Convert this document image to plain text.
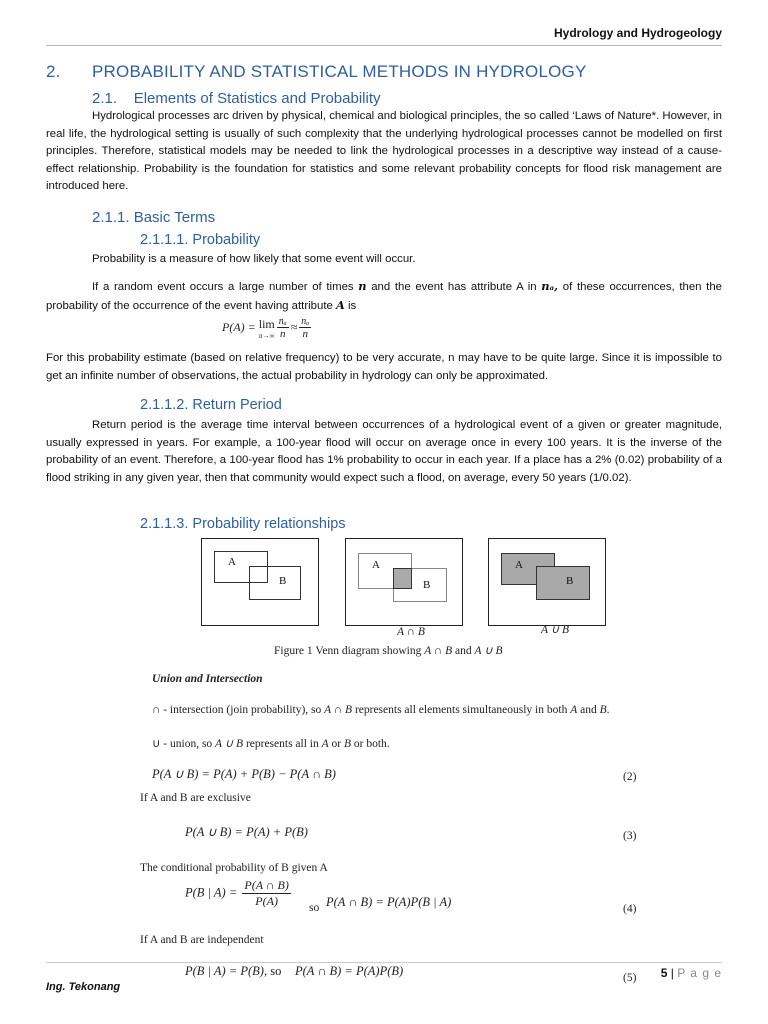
Hydrology and Hydrogeology
2. PROBABILITY AND STATISTICAL METHODS IN HYDROLOGY
2.1. Elements of Statistics and Probability
Hydrological processes arc driven by physical, chemical and biological principles, the so called ‘Laws of Nature*. However, in real life, the hydrological setting is usually of such complexity that the underlying hydrological processes cannot be modelled on first principles. Therefore, statistical models may be needed to link the hydrological processes in a descriptive way instead of a cause-effect relationship. Probability is the foundation for statistics and some relevant probability concepts for flood risk management are introduced here.
2.1.1. Basic Terms
2.1.1.1. Probability
Probability is a measure of how likely that some event will occur.
If a random event occurs a large number of times n and the event has attribute A in nₐ, of these occurrences, then the probability of the occurrence of the event having attribute A is
P(A) = lim
$n\to\infty \frac{\text{nₐ}}{n} \approx \frac{\text{nₐ}}{n}$
For this probability estimate (based on relative frequency) to be very accurate, n may have to be quite large. Since it is impossible to get an infinite number of observations, the actual probability in hydrology can only be approximated.
2.1.1.2. Return Period
Return period is the average time interval between occurrences of a hydrological event of a given or greater magnitude, usually expressed in years. For example, a 100-year flood will occur on average once in every 100 years. It is the inverse of the probability of an event. Therefore, a 100-year flood has 1% probability to occur in each year. If a place has a 2% (0.02) probability of a flood striking in any given year, then that community would expect such a flood, on average, every 50 years (1/0.02).
2.1.1.3. Probability relationships
A
B
A
B
A
B
A ∩ B	A ∪ B
Figure 1 Venn diagram showing A ∩ B and A ∪ B
Union and Intersection
∩ - intersection (join probability), so A ∩ B represents all elements simultaneously in both A and B.
∪ - union, so A ∪ B represents all in A or B or both.
P(A ∪ B) = P(A) + P(B) − P(A ∩ B)	(2)
If A and B are exclusive
P(A ∪ B) = P(A) + P(B)	(3)
The conditional probability of B given A
P(B | $A) = \frac{P(A \cap B)}{P(A)}$ so P(A ∩ B) = P(A)P(B | A)	(4)
If A and B are independent
P(B | A) = P(B), so P(A ∩ B) = P(A)P(B)	(5)
Ing. Tekonang
5 | P a g e
